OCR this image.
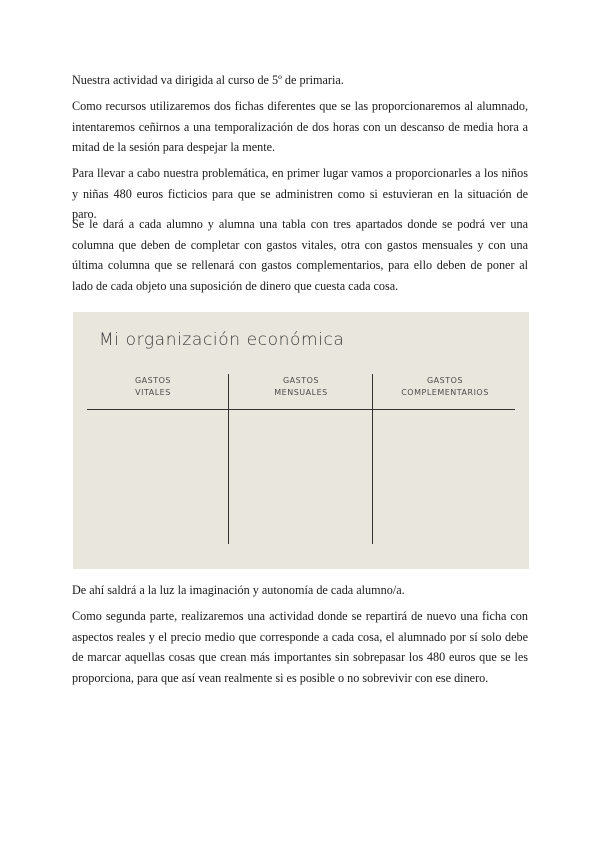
Nuestra actividad va dirigida al curso de 5º de primaria.

Como recursos utilizaremos dos fichas diferentes que se las proporcionaremos al alumnado, intentaremos ceñirnos a una temporalización de dos horas con un descanso de media hora a mitad de la sesión para despejar la mente.

Para llevar a cabo nuestra problemática, en primer lugar vamos a proporcionarles a los niños y niñas 480 euros ficticios para que se administren como si estuvieran en la situación de paro.

Se le dará a cada alumno y alumna una tabla con tres apartados donde se podrá ver una columna que deben de completar con gastos vitales, otra con gastos mensuales y con una última columna que se rellenará con gastos complementarios, para ello deben de poner al lado de cada objeto una suposición de dinero que cuesta cada cosa.

Mi organización económica
GASTOS
VITALES
GASTOS
MENSUALES
GASTOS
COMPLEMENTARIOS

De ahí saldrá a la luz la imaginación y autonomía de cada alumno/a.

Como segunda parte, realizaremos una actividad donde se repartirá de nuevo una ficha con aspectos reales y el precio medio que corresponde a cada cosa, el alumnado por sí solo debe de marcar aquellas cosas que crean más importantes sin sobrepasar los 480 euros que se les proporciona, para que así vean realmente si es posible o no sobrevivir con ese dinero.
